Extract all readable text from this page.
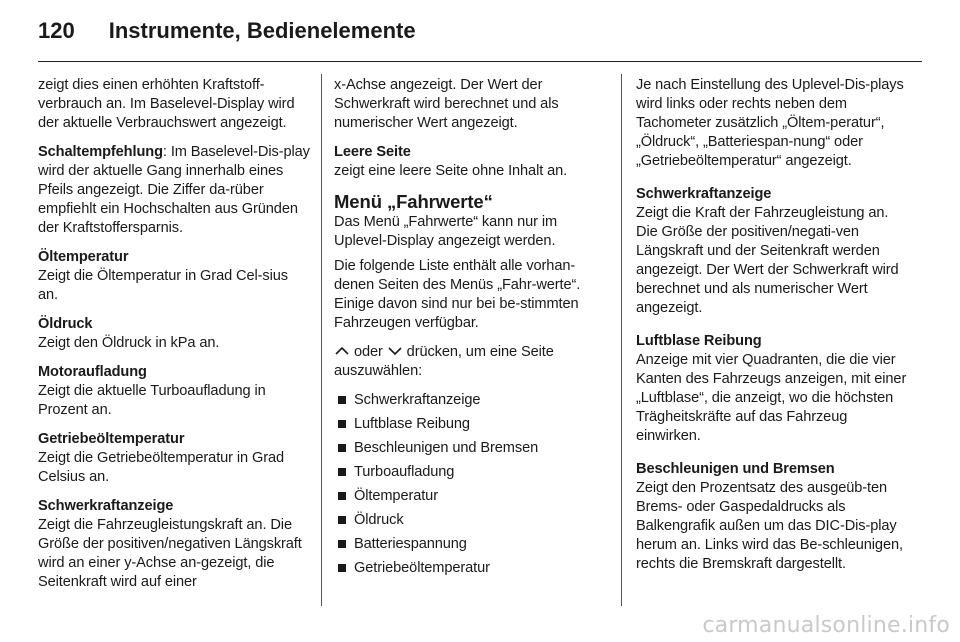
120 Instrumente, Bedienelemente

zeigt dies einen erhöhten Kraftstoff-verbrauch an. Im Baselevel-Display wird der aktuelle Verbrauchswert angezeigt.

Schaltempfehlung: Im Baselevel-Dis-play wird der aktuelle Gang innerhalb eines Pfeils angezeigt. Die Ziffer da-rüber empfiehlt ein Hochschalten aus Gründen der Kraftstoffersparnis.

Öltemperatur
Zeigt die Öltemperatur in Grad Cel-sius an.
Öldruck
Zeigt den Öldruck in kPa an.
Motoraufladung
Zeigt die aktuelle Turboaufladung in Prozent an.
Getriebeöltemperatur
Zeigt die Getriebeöltemperatur in Grad Celsius an.
Schwerkraftanzeige
Zeigt die Fahrzeugleistungskraft an. Die Größe der positiven/negativen Längskraft wird an einer y-Achse an-gezeigt, die Seitenkraft wird auf einer

x-Achse angezeigt. Der Wert der Schwerkraft wird berechnet und als numerischer Wert angezeigt.

Leere Seite
zeigt eine leere Seite ohne Inhalt an.
Menü „Fahrwerte“
Das Menü „Fahrwerte“ kann nur im Uplevel-Display angezeigt werden.

Die folgende Liste enthält alle vorhan-denen Seiten des Menüs „Fahr-werte“. Einige davon sind nur bei be-stimmten Fahrzeugen verfügbar.

oder  drücken, um eine Seite auszuwählen:

Schwerkraftanzeige
Luftblase Reibung
Beschleunigen und Bremsen
Turboaufladung
Öltemperatur
Öldruck
Batteriespannung
Getriebeöltemperatur

Je nach Einstellung des Uplevel-Dis-plays wird links oder rechts neben dem Tachometer zusätzlich „Öltem-peratur“, „Öldruck“, „Batteriespan-nung“ oder „Getriebeöltemperatur“ angezeigt.

Schwerkraftanzeige
Zeigt die Kraft der Fahrzeugleistung an. Die Größe der positiven/negati-ven Längskraft und der Seitenkraft werden angezeigt. Der Wert der Schwerkraft wird berechnet und als numerischer Wert angezeigt.
Luftblase Reibung
Anzeige mit vier Quadranten, die die vier Kanten des Fahrzeugs anzeigen, mit einer „Luftblase“, die anzeigt, wo die höchsten Trägheitskräfte auf das Fahrzeug einwirken.
Beschleunigen und Bremsen
Zeigt den Prozentsatz des ausgeüb-ten Brems- oder Gaspedaldrucks als Balkengrafik außen um das DIC-Dis-play herum an. Links wird das Be-schleunigen, rechts die Bremskraft dargestellt.
carmanualsonline.info
